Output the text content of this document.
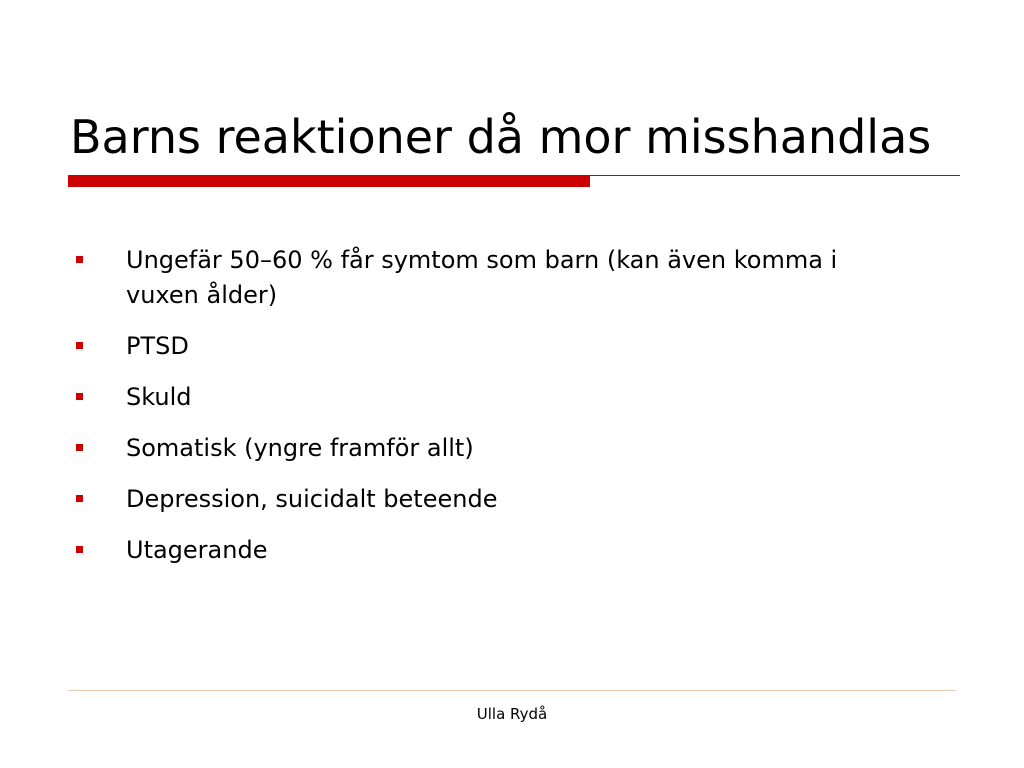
Barns reaktioner då mor misshandlas
Ungefär 50–60 % får symtom som barn (kan även komma i vuxen ålder)
PTSD
Skuld
Somatisk (yngre framför allt)
Depression, suicidalt beteende
Utagerande
Ulla Rydå
